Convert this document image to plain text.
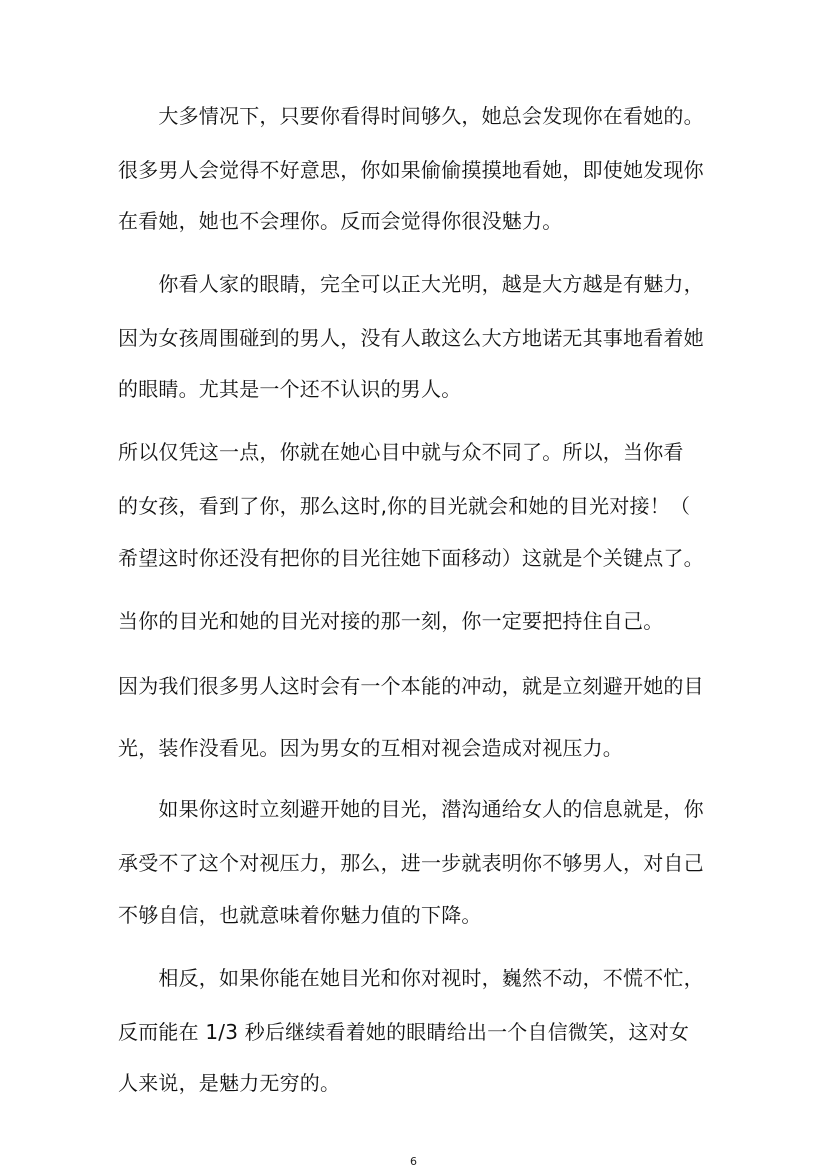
　　大多情况下，只要你看得时间够久，她总会发现你在看她的。
很多男人会觉得不好意思，你如果偷偷摸摸地看她，即使她发现你
在看她，她也不会理你。反而会觉得你很没魅力。
　　你看人家的眼睛，完全可以正大光明，越是大方越是有魅力，
因为女孩周围碰到的男人，没有人敢这么大方地诺无其事地看着她
的眼睛。尤其是一个还不认识的男人。
所以仅凭这一点，你就在她心目中就与众不同了。所以，当你看
的女孩，看到了你，那么这时,你的目光就会和她的目光对接！（
希望这时你还没有把你的目光往她下面移动）这就是个关键点了。
当你的目光和她的目光对接的那一刻，你一定要把持住自己。
因为我们很多男人这时会有一个本能的冲动，就是立刻避开她的目
光，装作没看见。因为男女的互相对视会造成对视压力。
　　如果你这时立刻避开她的目光，潜沟通给女人的信息就是，你
承受不了这个对视压力，那么，进一步就表明你不够男人，对自己
不够自信，也就意味着你魅力值的下降。
　　相反，如果你能在她目光和你对视时，巍然不动，不慌不忙，
反而能在 1/3 秒后继续看着她的眼睛给出一个自信微笑，这对女
人来说，是魅力无穷的。
6
